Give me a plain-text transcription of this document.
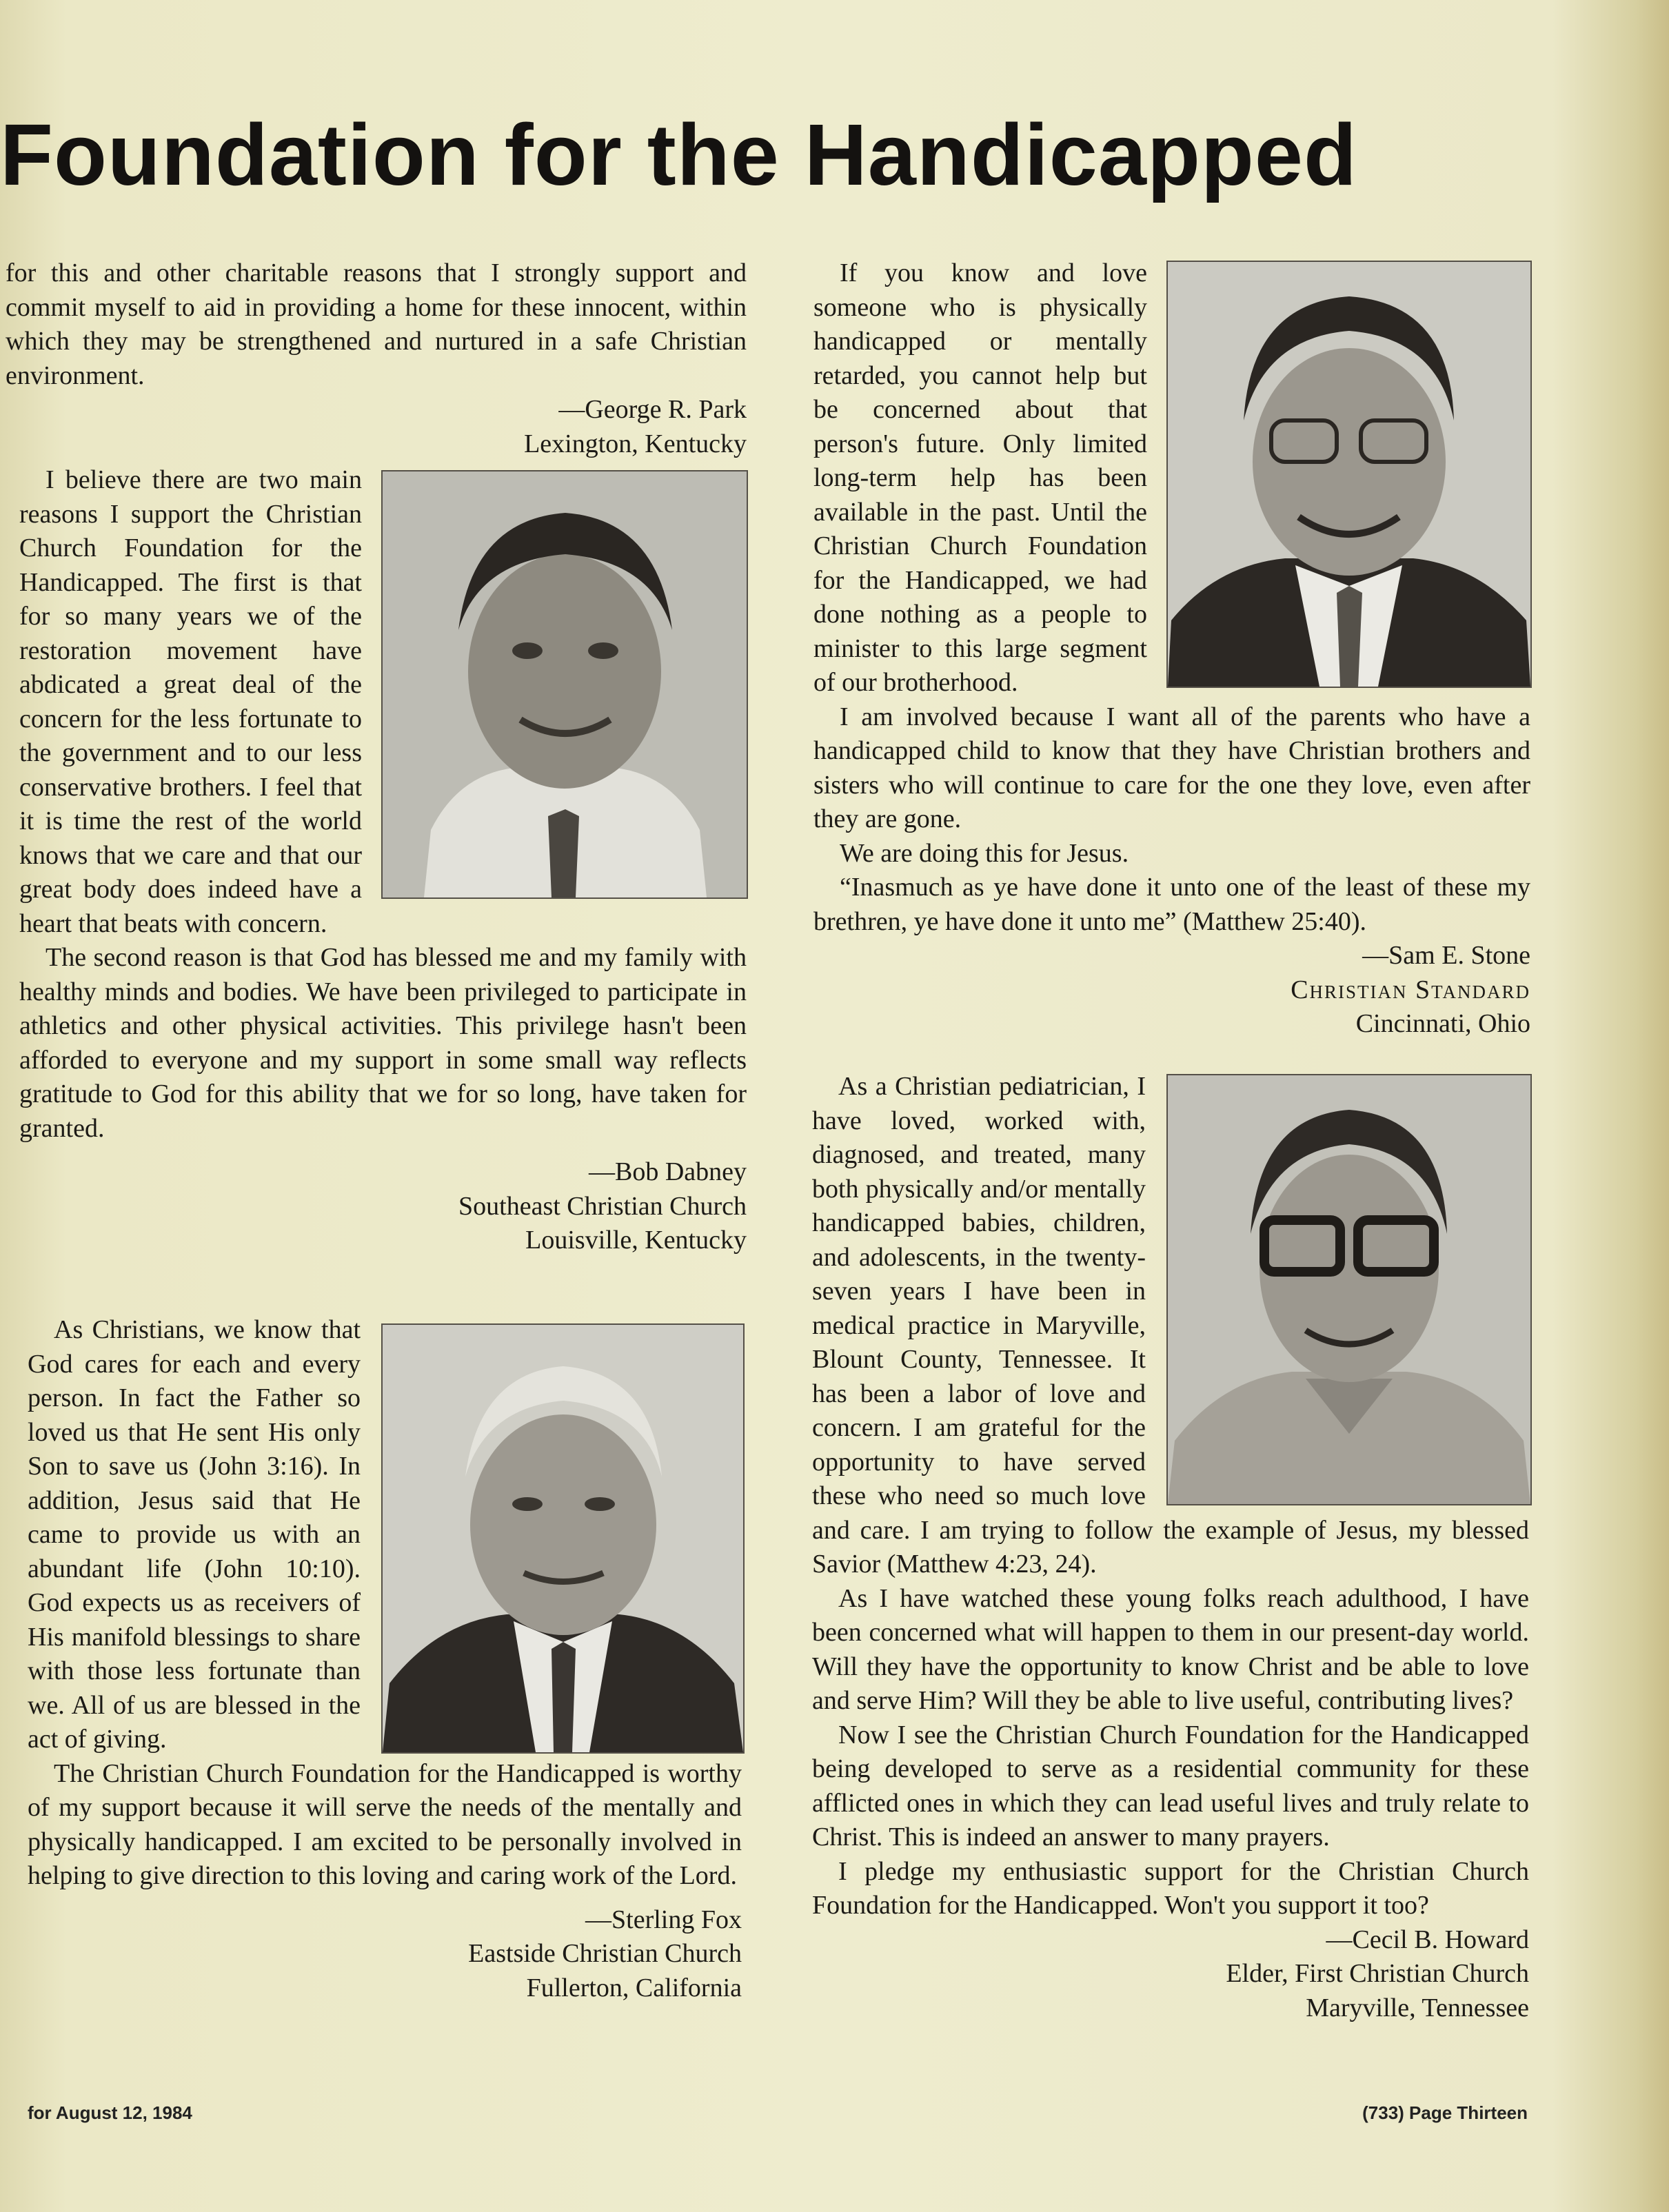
Foundation for the Handicapped

for this and other charitable reasons that I strongly support and commit myself to aid in providing a home for these innocent, within which they may be strengthened and nurtured in a safe Christian environment.

—George R. Park
Lexington, Kentucky

I believe there are two main reasons I support the Christian Church Foundation for the Handicapped. The first is that for so many years we of the restoration movement have abdicated a great deal of the concern for the less fortunate to the government and to our less conservative brothers. I feel that it is time the rest of the world knows that we care and that our great body does indeed have a heart that beats with concern.

The second reason is that God has blessed me and my family with healthy minds and bodies. We have been privileged to participate in athletics and other physical activities. This privilege hasn't been afforded to everyone and my support in some small way reflects gratitude to God for this ability that we for so long, have taken for granted.

—Bob Dabney
Southeast Christian Church
Louisville, Kentucky

As Christians, we know that God cares for each and every person. In fact the Father so loved us that He sent His only Son to save us (John 3:16). In addition, Jesus said that He came to provide us with an abundant life (John 10:10). God expects us as receivers of His manifold blessings to share with those less fortunate than we. All of us are blessed in the act of giving.

The Christian Church Foundation for the Handicapped is worthy of my support because it will serve the needs of the mentally and physically handicapped. I am excited to be personally involved in helping to give direction to this loving and caring work of the Lord.

—Sterling Fox
Eastside Christian Church
Fullerton, California

If you know and love someone who is physically handicapped or mentally retarded, you cannot help but be concerned about that person's future. Only limited long-term help has been available in the past. Until the Christian Church Foundation for the Handicapped, we had done nothing as a people to minister to this large segment of our brotherhood.

I am involved because I want all of the parents who have a handicapped child to know that they have Christian brothers and sisters who will continue to care for the one they love, even after they are gone.

We are doing this for Jesus.

“Inasmuch as ye have done it unto one of the least of these my brethren, ye have done it unto me” (Matthew 25:40).

—Sam E. Stone
Christian Standard
Cincinnati, Ohio

As a Christian pediatrician, I have loved, worked with, diagnosed, and treated, many both physically and/or mentally handicapped babies, children, and adolescents, in the twenty-seven years I have been in medical practice in Maryville, Blount County, Tennessee. It has been a labor of love and concern. I am grateful for the opportunity to have served these who need so much love and care. I am trying to follow the example of Jesus, my blessed Savior (Matthew 4:23, 24).

As I have watched these young folks reach adulthood, I have been concerned what will happen to them in our present-day world. Will they have the opportunity to know Christ and be able to love and serve Him? Will they be able to live useful, contributing lives?

Now I see the Christian Church Foundation for the Handicapped being developed to serve as a residential community for these afflicted ones in which they can lead useful lives and truly relate to Christ. This is indeed an answer to many prayers.

I pledge my enthusiastic support for the Christian Church Foundation for the Handicapped. Won't you support it too?

—Cecil B. Howard
Elder, First Christian Church
Maryville, Tennessee
for August 12, 1984	(733) Page Thirteen
